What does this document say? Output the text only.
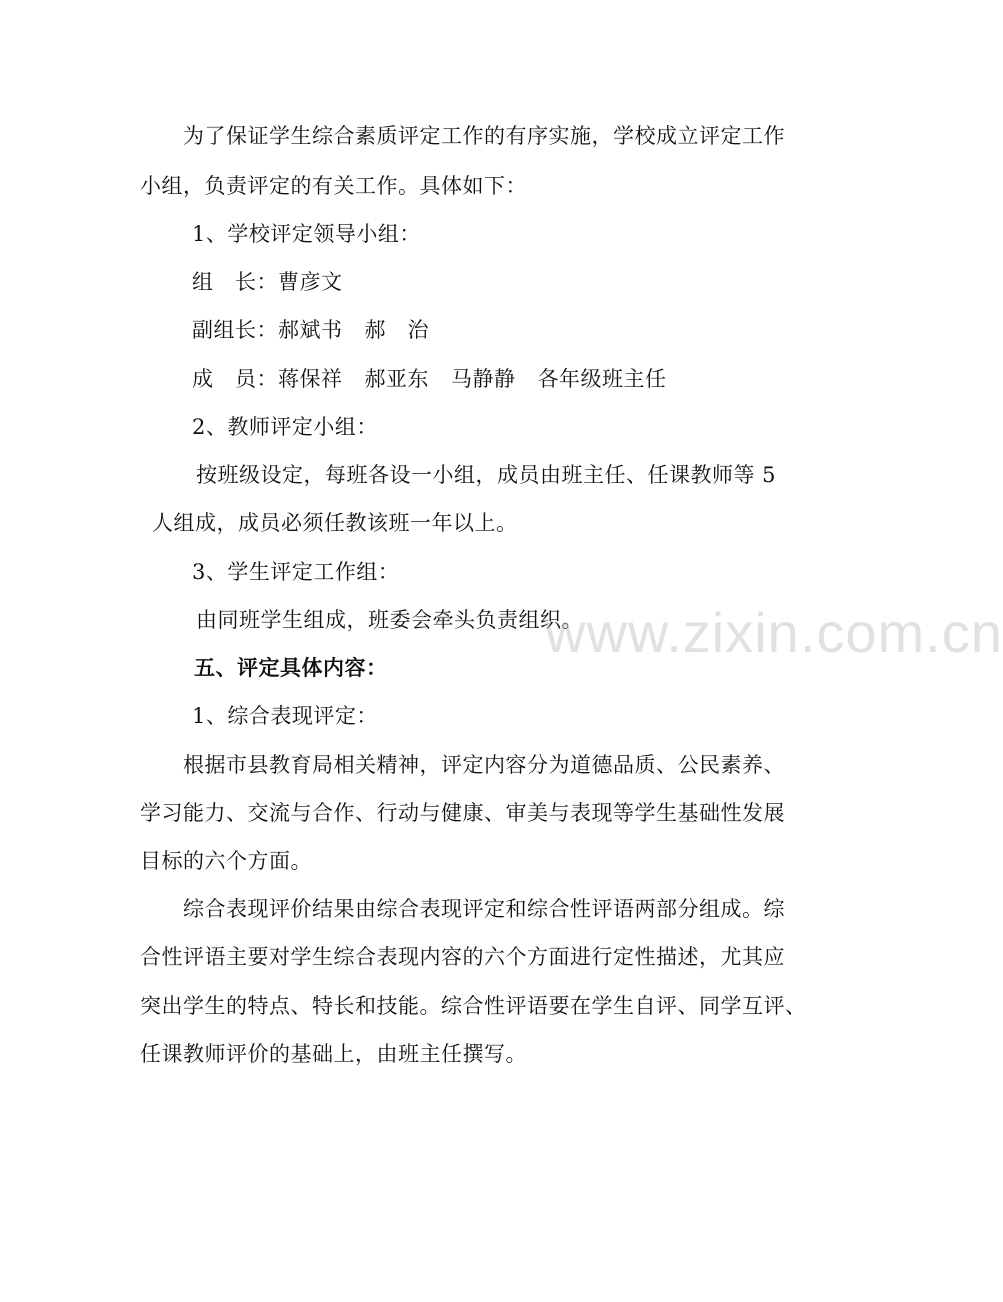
为了保证学生综合素质评定工作的有序实施，学校成立评定工作
小组，负责评定的有关工作。具体如下：
1、学校评定领导小组：
组　长：曹彦文
副组长：郝斌书 郝　治
成　员：蒋保祥 郝亚东 马静静 各年级班主任
2、教师评定小组：
按班级设定，每班各设一小组，成员由班主任、任课教师等 5
人组成，成员必须任教该班一年以上。
3、学生评定工作组：
由同班学生组成，班委会牵头负责组织。
五、评定具体内容：
1、综合表现评定：
根据市县教育局相关精神，评定内容分为道德品质、公民素养、
学习能力、交流与合作、行动与健康、审美与表现等学生基础性发展
目标的六个方面。
综合表现评价结果由综合表现评定和综合性评语两部分组成。综
合性评语主要对学生综合表现内容的六个方面进行定性描述，尤其应
突出学生的特点、特长和技能。综合性评语要在学生自评、同学互评、
任课教师评价的基础上，由班主任撰写。
www.zixin.com.cn
